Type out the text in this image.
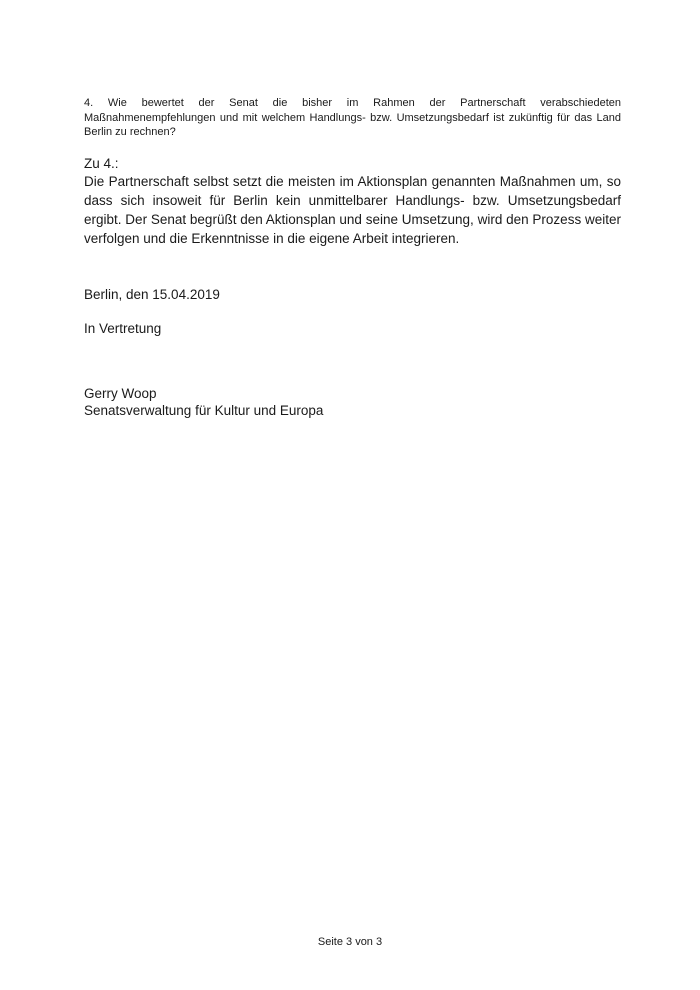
4. Wie bewertet der Senat die bisher im Rahmen der Partnerschaft verabschiedeten Maßnahmenempfehlungen und mit welchem Handlungs- bzw. Umsetzungsbedarf ist zukünftig für das Land Berlin zu rechnen?

Zu 4.:

Die Partnerschaft selbst setzt die meisten im Aktionsplan genannten Maßnahmen um, so dass sich insoweit für Berlin kein unmittelbarer Handlungs- bzw. Umsetzungsbedarf ergibt. Der Senat begrüßt den Aktionsplan und seine Umsetzung, wird den Prozess weiter verfolgen und die Erkenntnisse in die eigene Arbeit integrieren.

Berlin, den 15.04.2019

In Vertretung

Gerry Woop

Senatsverwaltung für Kultur und Europa

Seite 3 von 3
